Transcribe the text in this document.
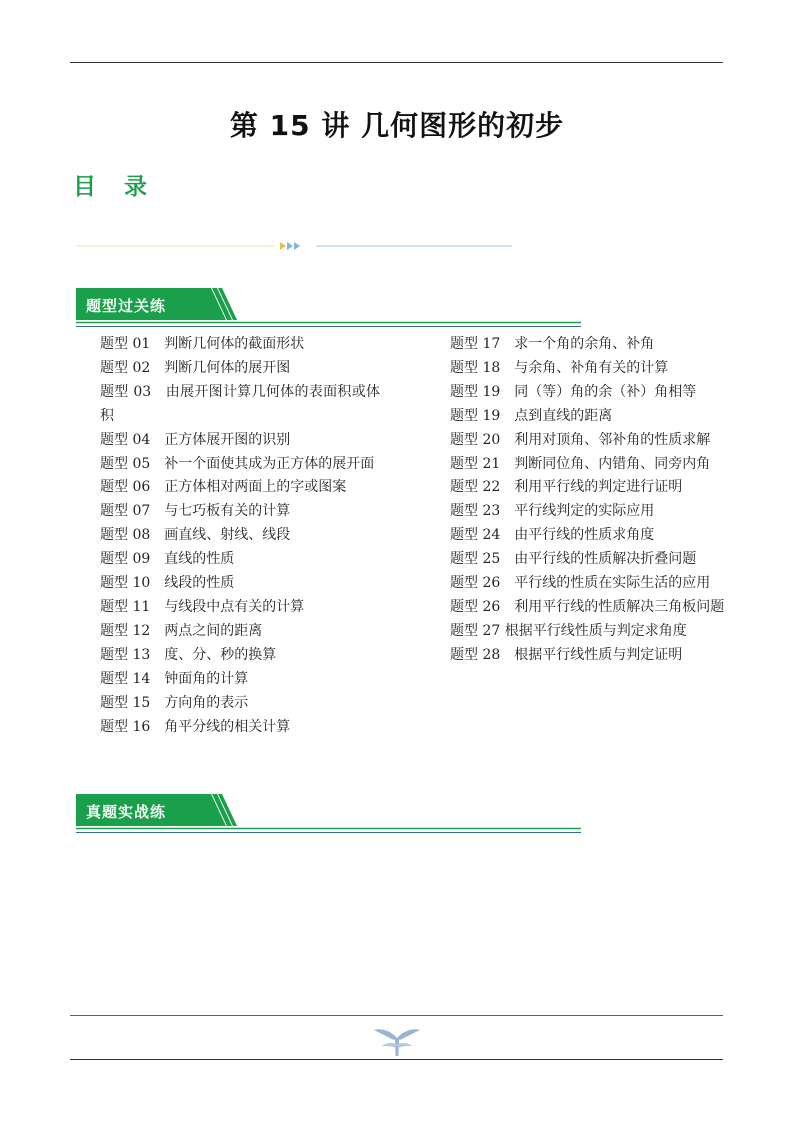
第 15 讲 几何图形的初步
目 录
题型过关练

题型 01　判断几何体的截面形状

题型 02　判断几何体的展开图

题型 03　由展开图计算几何体的表面积或体积

题型 04　正方体展开图的识别

题型 05　补一个面使其成为正方体的展开面

题型 06　正方体相对两面上的字或图案

题型 07　与七巧板有关的计算

题型 08　画直线、射线、线段

题型 09　直线的性质

题型 10　线段的性质

题型 11　与线段中点有关的计算

题型 12　两点之间的距离

题型 13　度、分、秒的换算

题型 14　钟面角的计算

题型 15　方向角的表示

题型 16　角平分线的相关计算

题型 17　求一个角的余角、补角

题型 18　与余角、补角有关的计算

题型 19　同（等）角的余（补）角相等

题型 19　点到直线的距离

题型 20　利用对顶角、邻补角的性质求解

题型 21　判断同位角、内错角、同旁内角

题型 22　利用平行线的判定进行证明

题型 23　平行线判定的实际应用

题型 24　由平行线的性质求角度

题型 25　由平行线的性质解决折叠问题

题型 26　平行线的性质在实际生活的应用

题型 26　利用平行线的性质解决三角板问题

题型 27 根据平行线性质与判定求角度

题型 28　根据平行线性质与判定证明

真题实战练
